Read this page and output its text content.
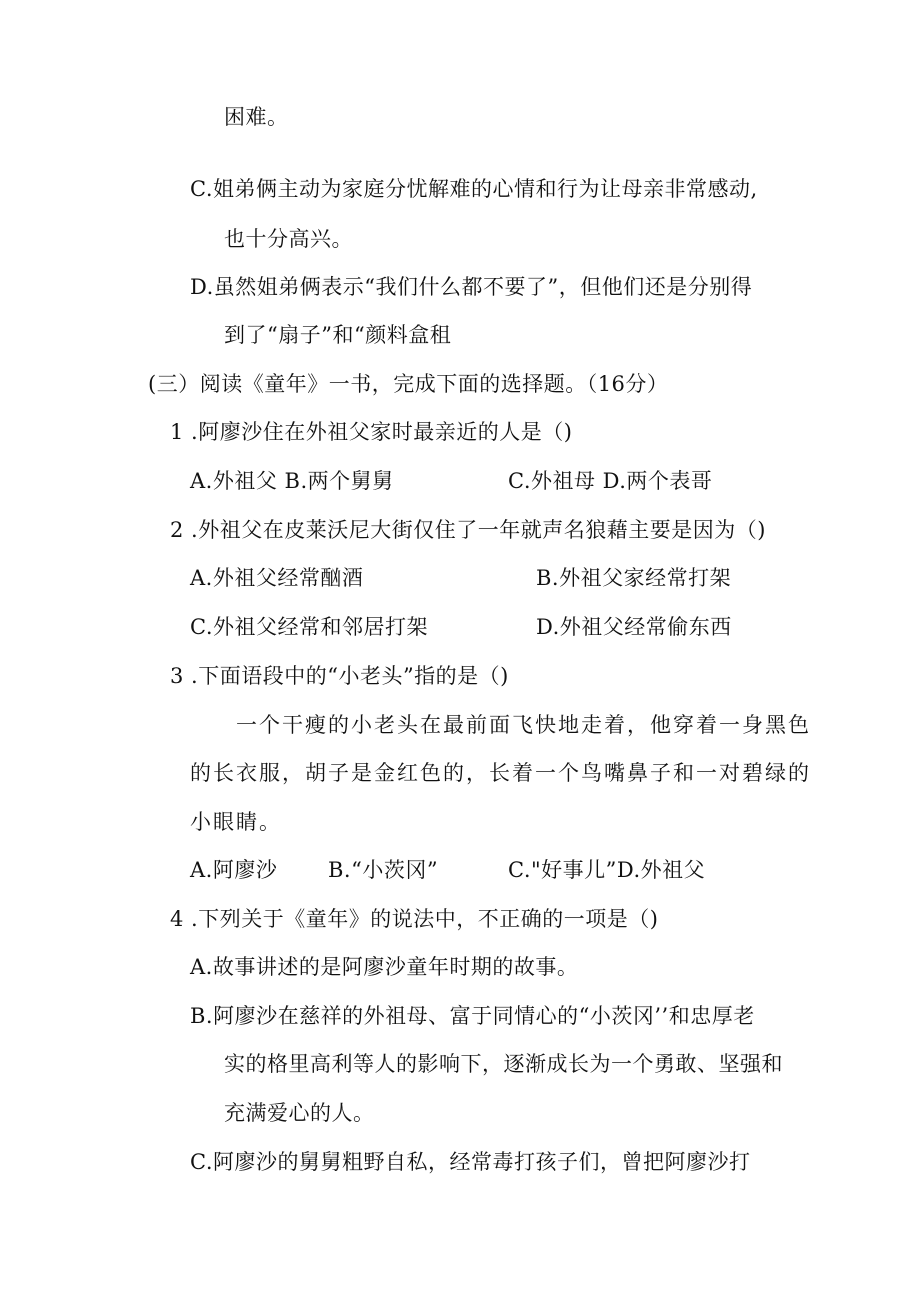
困难。
C.姐弟俩主动为家庭分忧解难的心情和行为让母亲非常感动,
也十分高兴。
D.虽然姐弟俩表示“我们什么都不要了”，但他们还是分别得
到了“扇子”和“颜料盒租
(三）阅读《童年》一书，完成下面的选择题。（16分）
1 .阿廖沙住在外祖父家时最亲近的人是（)
A.外祖父 B.两个舅舅	C.外祖母 D.两个表哥
2 .外祖父在皮莱沃尼大街仅住了一年就声名狼藉主要是因为（)
A.外祖父经常酗酒	B.外祖父家经常打架
C.外祖父经常和邻居打架	D.外祖父经常偷东西
3 .下面语段中的“小老头”指的是（)
一个干瘦的小老头在最前面飞快地走着，他穿着一身黑色
的长衣服，胡子是金红色的，长着一个鸟嘴鼻子和一对碧绿的
小眼睛。
A.阿廖沙 B.“小茨冈”	C."好事儿”D.外祖父
4 .下列关于《童年》的说法中，不正确的一项是（)
A.故事讲述的是阿廖沙童年时期的故事。
B.阿廖沙在慈祥的外祖母、富于同情心的“小茨冈’’和忠厚老
实的格里高利等人的影响下，逐渐成长为一个勇敢、坚强和
充满爱心的人。
C.阿廖沙的舅舅粗野自私，经常毒打孩子们，曾把阿廖沙打
